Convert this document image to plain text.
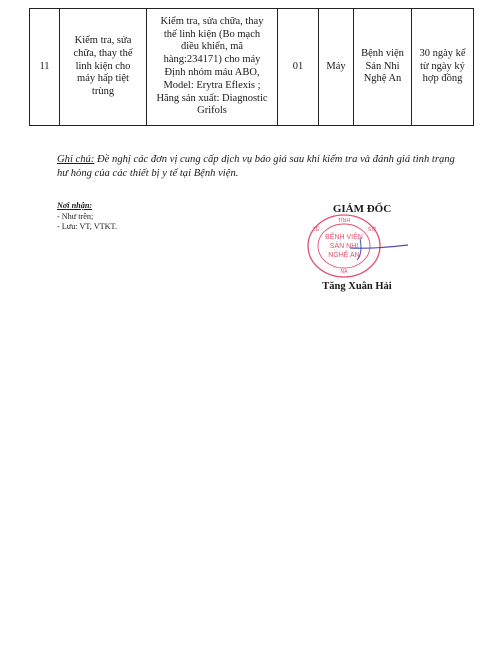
11	Kiểm tra, sửa
chữa, thay thế
linh kiện cho
máy hấp tiệt
trùng	Kiểm tra, sửa chữa, thay
thế linh kiện (Bo mạch
điều khiển, mã
hàng:234171) cho máy
Định nhóm máu ABO,
Model: Erytra Eflexis ;
Hãng sản xuất: Diagnostic
Grifols	01	Máy	Bệnh viện
Sản Nhi
Nghệ An	30 ngày kể
từ ngày ký
hợp đồng
Ghi chú: Đề nghị các đơn vị cung cấp dịch vụ báo giá sau khi kiểm tra và đánh giá tình trạng hư hỏng của các thiết bị y tế tại Bệnh viện.
Nơi nhận:
- Như trên;
- Lưu: VT, VTKT.
GIÁM ĐỐC
TỈNH
TẾ	SỞ
BỆNH VIỆN
SẢN NHI
NGHỆ AN
NA
Tăng Xuân Hải
